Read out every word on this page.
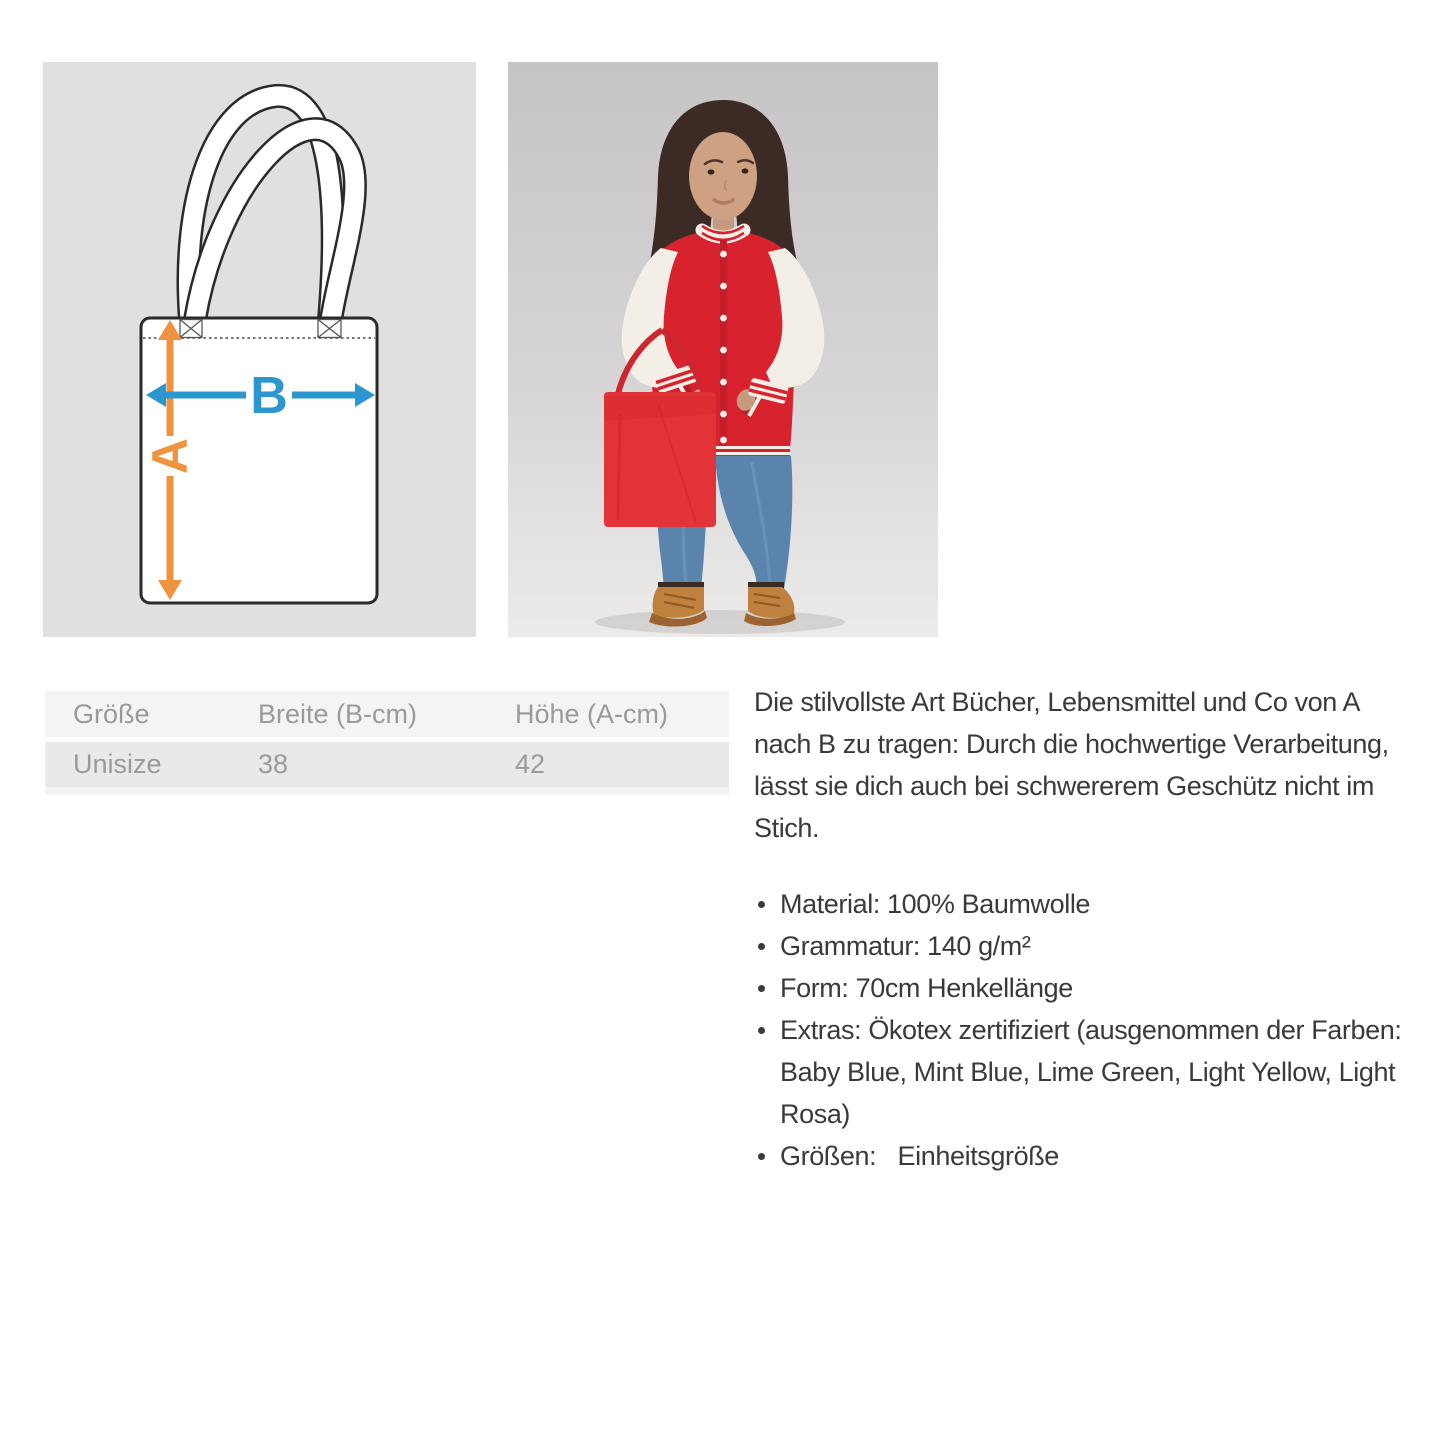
A
B
Größe	Breite (B-cm)	Höhe (A-cm)
Unisize	38	42

Die stilvollste Art Bücher, Lebensmittel und Co von A nach B zu tragen: Durch die hochwertige Verarbeitung, lässt sie dich auch bei schwererem Geschütz nicht im Stich.

Material: 100% Baumwolle
Grammatur: 140 g/m²
Form: 70cm Henkellänge
Extras: Ökotex zertifiziert (ausgenommen der Farben: Baby Blue, Mint Blue, Lime Green, Light Yellow, Light Rosa)
Größen:   Einheitsgröße
